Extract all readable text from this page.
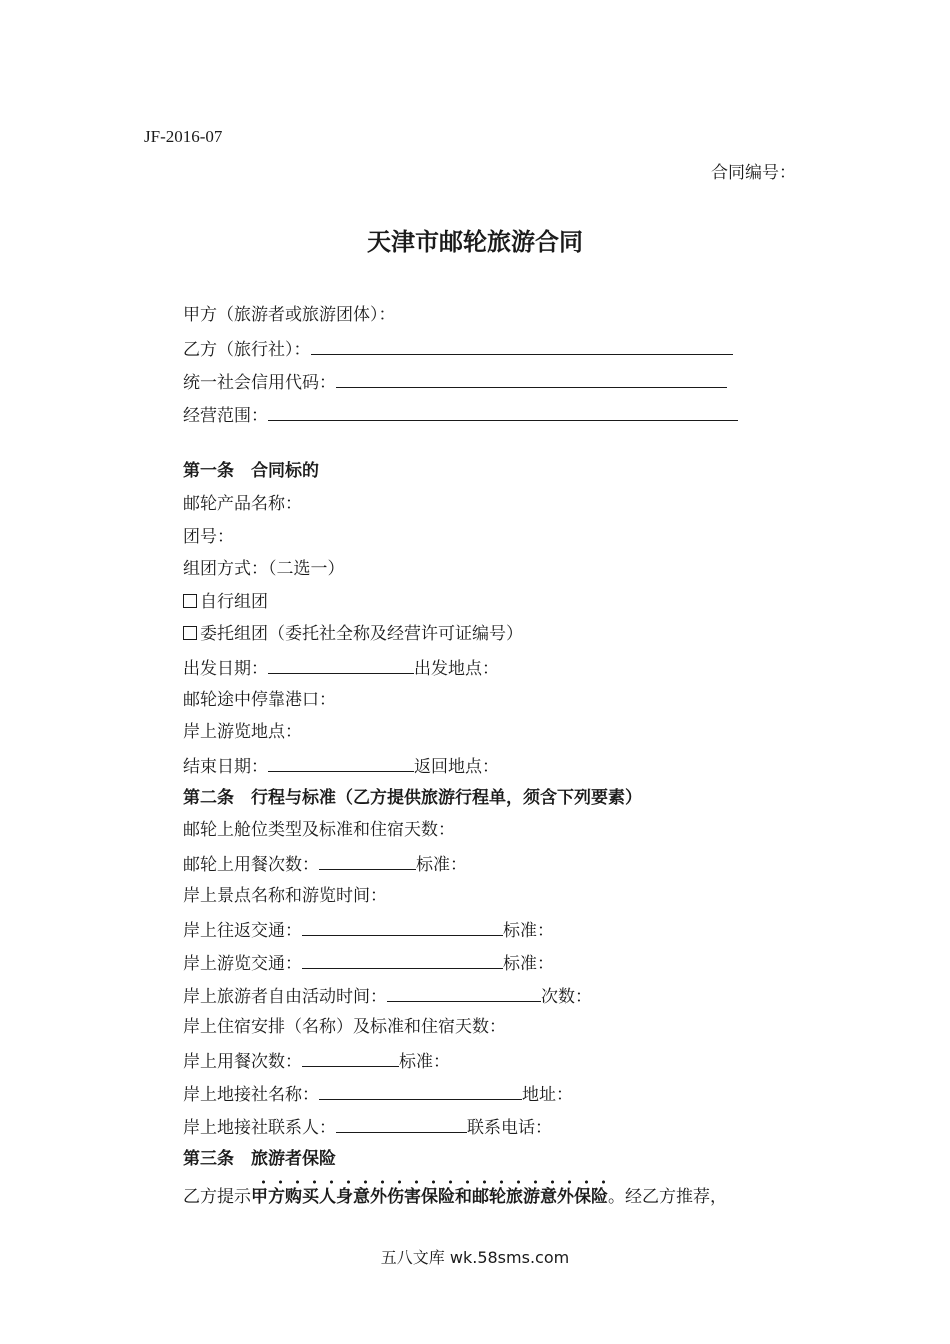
JF-2016-07
合同编号：
天津市邮轮旅游合同
甲方（旅游者或旅游团体）：
乙方（旅行社）：
统一社会信用代码：
经营范围：
第一条　合同标的
邮轮产品名称：
团号：
组团方式：（二选一）
自行组团
委托组团（委托社全称及经营许可证编号）
出发日期：	出发地点：
邮轮途中停靠港口：
岸上游览地点：
结束日期：	返回地点：
第二条　行程与标准（乙方提供旅游行程单，须含下列要素）
邮轮上舱位类型及标准和住宿天数：
邮轮上用餐次数：	标准：
岸上景点名称和游览时间：
岸上往返交通：	标准：
岸上游览交通：	标准：
岸上旅游者自由活动时间：	次数：
岸上住宿安排（名称）及标准和住宿天数：
岸上用餐次数：	标准：
岸上地接社名称：	地址：
岸上地接社联系人：	联系电话：
第三条　旅游者保险
乙方提示甲方购买人身意外伤害保险和邮轮旅游意外保险。经乙方推荐，
五八文库 wk.58sms.com
